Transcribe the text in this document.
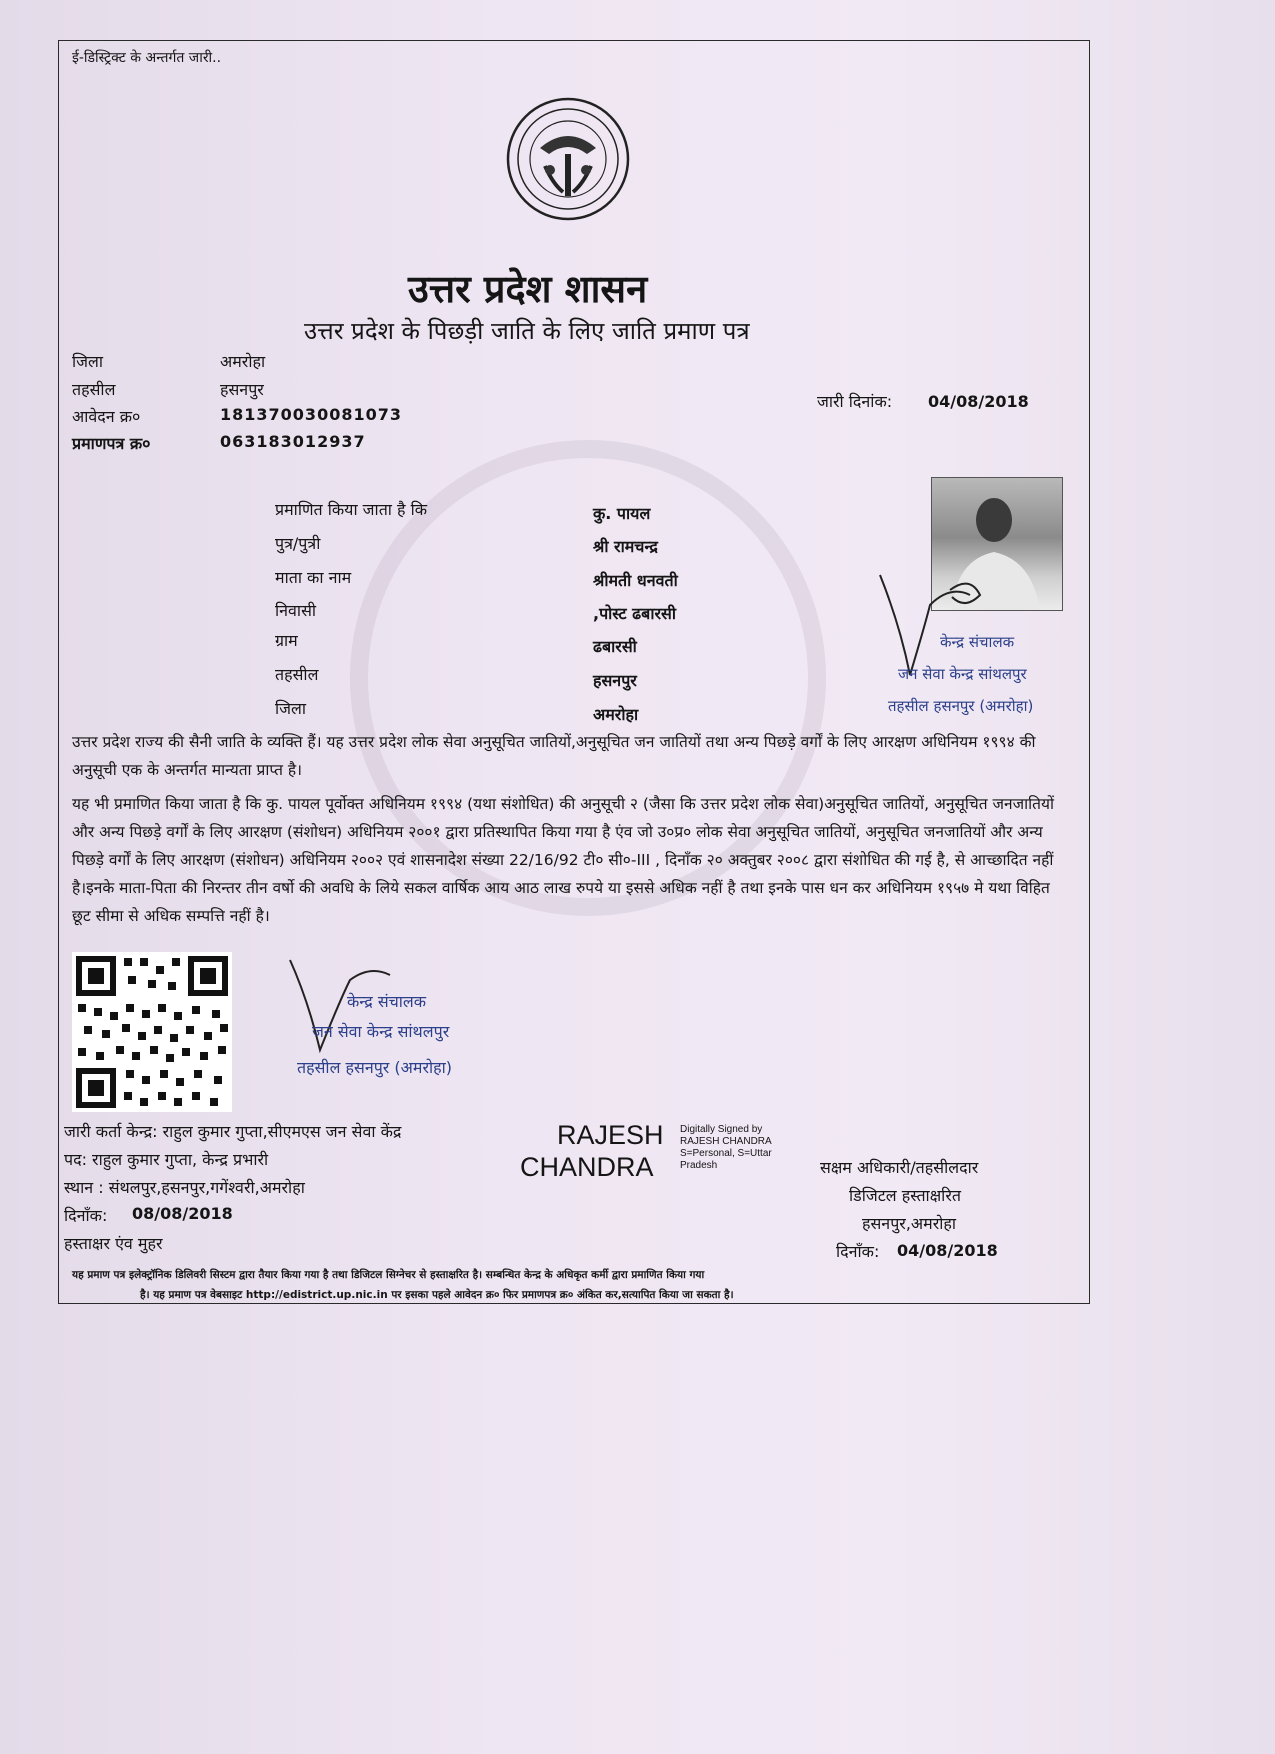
ई-डिस्ट्रिक्ट के अन्तर्गत जारी..
उत्तर प्रदेश शासन
उत्तर प्रदेश के पिछड़ी जाति के लिए जाति प्रमाण पत्र
जिला	अमरोहा
तहसील	हसनपुर
आवेदन क्र०	181370030081073
प्रमाणपत्र क्र०	063183012937
जारी दिनांक: 04/08/2018
प्रमाणित किया जाता है कि	कु. पायल
पुत्र/पुत्री	श्री रामचन्द्र
माता का नाम	श्रीमती धनवती
निवासी	,पोस्ट ढबारसी
ग्राम	ढबारसी
तहसील	हसनपुर
जिला	अमरोहा
केन्द्र संचालक
जन सेवा केन्द्र सांथलपुर
तहसील हसनपुर (अमरोहा)
उत्तर प्रदेश राज्य की सैनी जाति के व्यक्ति हैं। यह उत्तर प्रदेश लोक सेवा अनुसूचित जातियों,अनुसूचित जन जातियों तथा अन्य पिछड़े वर्गों के लिए आरक्षण अधिनियम १९९४ की अनुसूची एक के अन्तर्गत मान्यता प्राप्त है।
यह भी प्रमाणित किया जाता है कि कु. पायल पूर्वोक्त अधिनियम १९९४ (यथा संशोधित) की अनुसूची २ (जैसा कि उत्तर प्रदेश लोक सेवा)अनुसूचित जातियों, अनुसूचित जनजातियों और अन्य पिछड़े वर्गों के लिए आरक्षण (संशोधन) अधिनियम २००१ द्वारा प्रतिस्थापित किया गया है एंव जो उ०प्र० लोक सेवा अनुसूचित जातियों, अनुसूचित जनजातियों और अन्य पिछड़े वर्गों के लिए आरक्षण (संशोधन) अधिनियम २००२ एवं शासनादेश संख्या 22/16/92 टी० सी०-III , दिनाँक २० अक्तुबर २००८ द्वारा संशोधित की गई है, से आच्छादित नहीं है।इनके माता-पिता की निरन्तर तीन वर्षो की अवधि के लिये सकल वार्षिक आय आठ लाख रुपये या इससे अधिक नहीं है तथा इनके पास धन कर अधिनियम १९५७ मे यथा विहित छूट सीमा से अधिक सम्पत्ति नहीं है।
केन्द्र संचालक
जन सेवा केन्द्र सांथलपुर
तहसील हसनपुर (अमरोहा)
जारी कर्ता केन्द्र: राहुल कुमार गुप्ता,सीएमएस जन सेवा केंद्र
पद: राहुल कुमार गुप्ता, केन्द्र प्रभारी
स्थान : संथलपुर,हसनपुर,गगेंश्वरी,अमरोहा
दिनाँक: 08/08/2018
हस्ताक्षर एंव मुहर
RAJESH
CHANDRA
Digitally Signed by
RAJESH CHANDRA
S=Personal, S=Uttar
Pradesh	सक्षम अधिकारी/तहसीलदार
डिजिटल हस्ताक्षरित
हसनपुर,अमरोहा
दिनाँक: 04/08/2018
यह प्रमाण पत्र इलेक्ट्रॉनिक डिलिवरी सिस्टम द्वारा तैयार किया गया है तथा डिजिटल सिग्नेचर से हस्ताक्षरित है। सम्बन्धित केन्द्र के अधिकृत कर्मी द्वारा प्रमाणित किया गया
है। यह प्रमाण पत्र वेबसाइट http://edistrict.up.nic.in पर इसका पहले आवेदन क्र० फिर प्रमाणपत्र क्र० अंकित कर,सत्यापित किया जा सकता है।
